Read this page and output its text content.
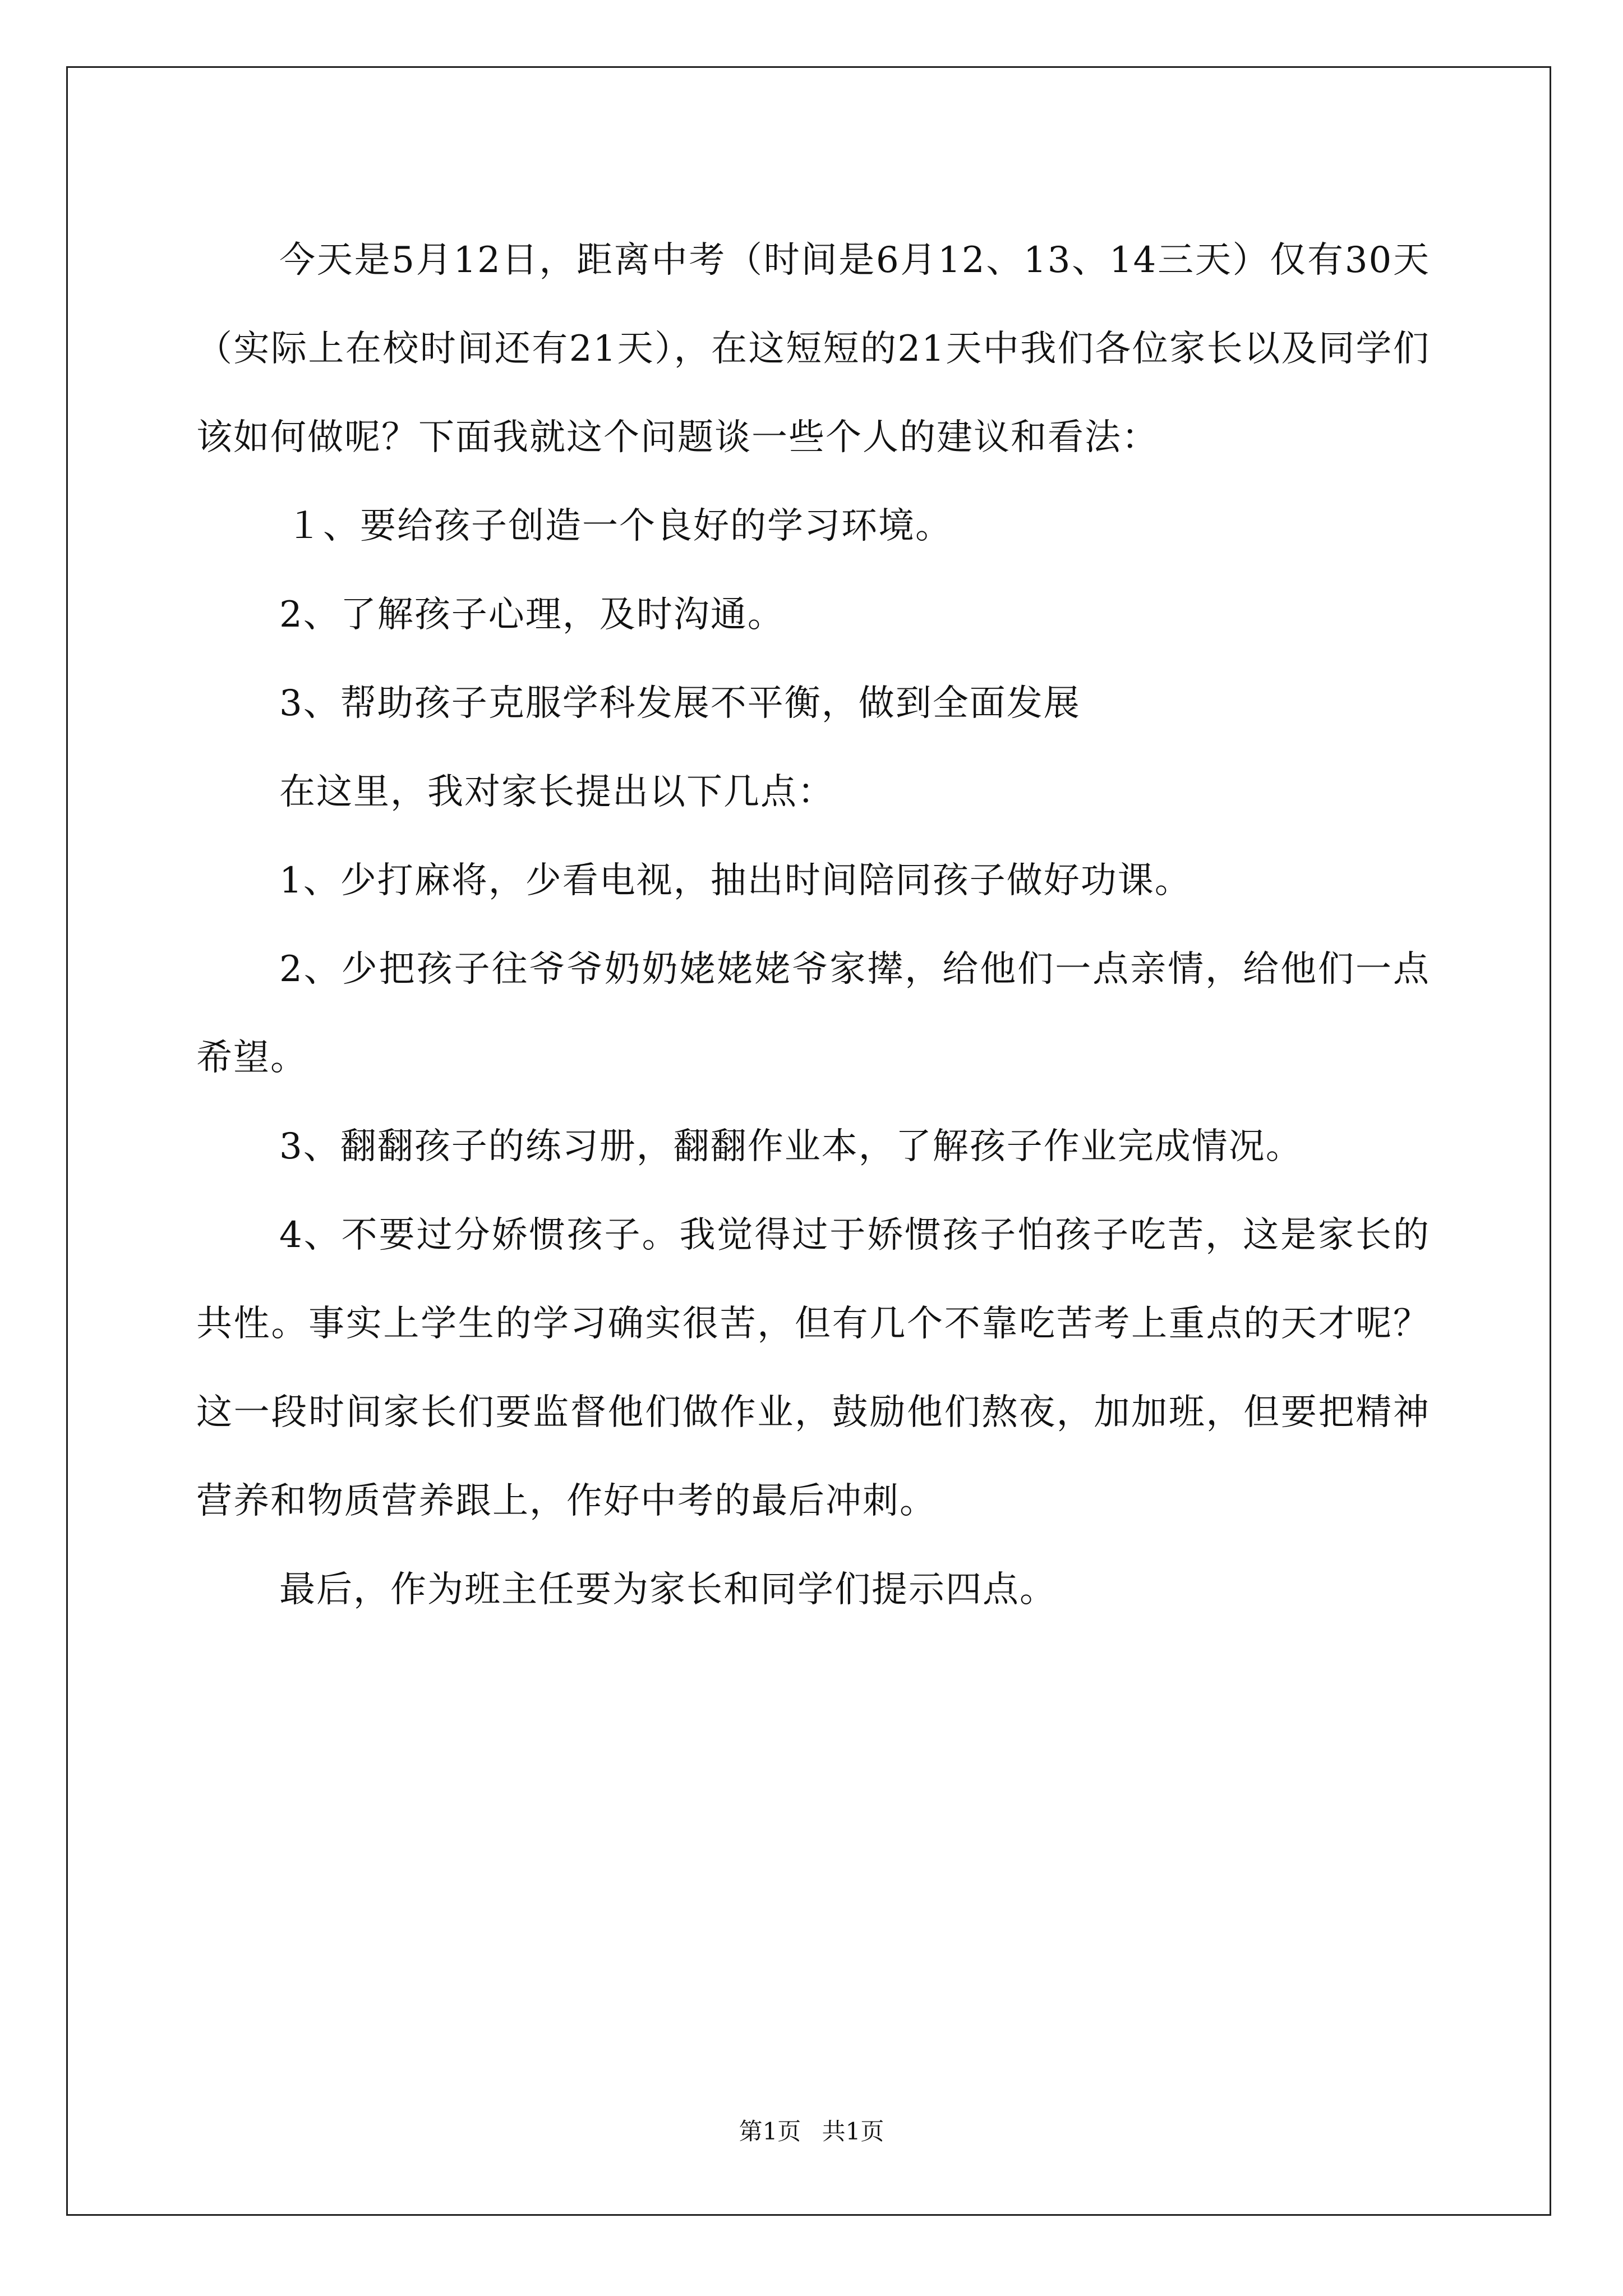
今天是5月12日，距离中考（时间是6月12、13、14三天）仅有30天（实际上在校时间还有21天），在这短短的21天中我们各位家长以及同学们该如何做呢？下面我就这个问题谈一些个人的建议和看法：

１、要给孩子创造一个良好的学习环境。

2、了解孩子心理，及时沟通。

3、帮助孩子克服学科发展不平衡，做到全面发展

在这里，我对家长提出以下几点：

1、少打麻将，少看电视，抽出时间陪同孩子做好功课。

2、少把孩子往爷爷奶奶姥姥姥爷家撵，给他们一点亲情，给他们一点希望。

3、翻翻孩子的练习册，翻翻作业本，了解孩子作业完成情况。

4、不要过分娇惯孩子。我觉得过于娇惯孩子怕孩子吃苦，这是家长的共性。事实上学生的学习确实很苦，但有几个不靠吃苦考上重点的天才呢？这一段时间家长们要监督他们做作业，鼓励他们熬夜，加加班，但要把精神营养和物质营养跟上，作好中考的最后冲刺。

最后，作为班主任要为家长和同学们提示四点。

第1页 共1页
